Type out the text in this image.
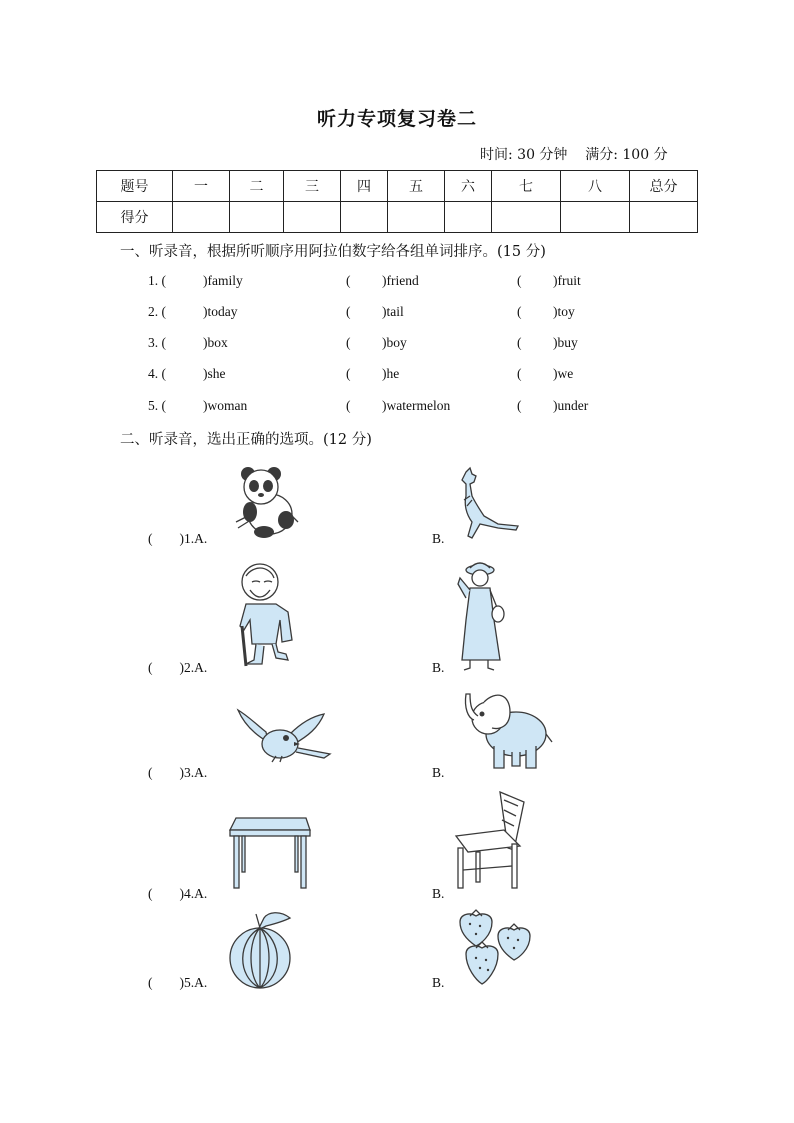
听力专项复习卷二
时间: 30 分钟    满分: 100 分
题号	一	二	三	四	五	六	七	八	总分
得分									
一、听录音，根据所听顺序用阿拉伯数字给各组单词排序。(15 分)
1. (	)family	( )friend	( )fruit
2. (	)today	( )tail	( )toy
3. (	)box	( )boy	( )buy
4. (	)she	( )he	( )we
5. (	)woman	( )watermelon	( )under
二、听录音，选出正确的选项。(12 分)
(        )1.A.	B.
(        )2.A.	B.
(        )3.A.	B.
(        )4.A.	B.
(        )5.A.	B.
